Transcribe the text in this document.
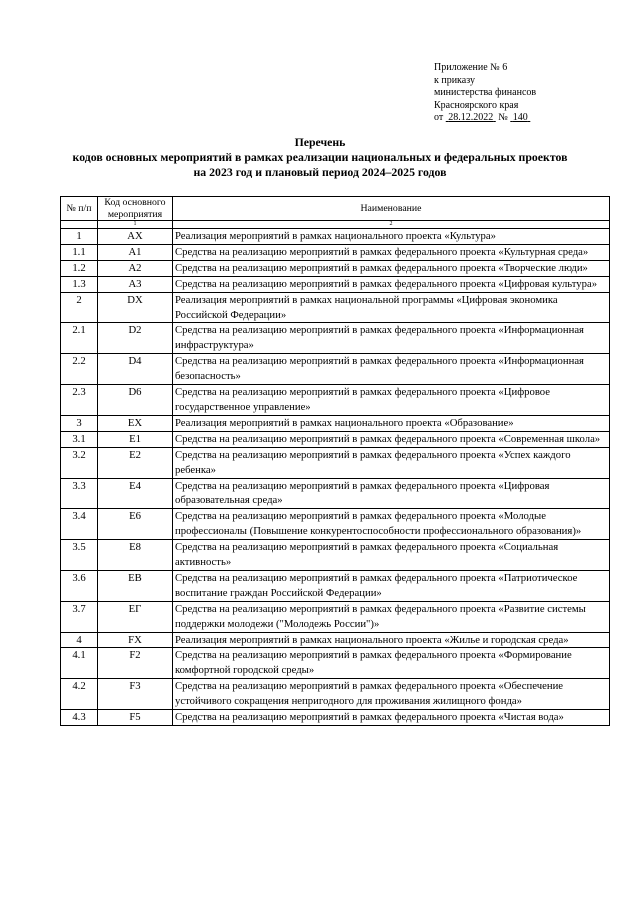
Приложение № 6
к приказу
министерства финансов
Красноярского края
от 28.12.2022 № 140
Перечень
кодов основных мероприятий в рамках реализации национальных и федеральных проектов
на 2023 год и плановый период 2024–2025 годов
№ п/п	Код основного мероприятия	Наименование
	1	2
1	AX	Реализация мероприятий в рамках национального проекта «Культура»
1.1	A1	Средства на реализацию мероприятий в рамках федерального проекта «Культурная среда»
1.2	A2	Средства на реализацию мероприятий в рамках федерального проекта «Творческие люди»
1.3	A3	Средства на реализацию мероприятий в рамках федерального проекта «Цифровая культура»
2	DX	Реализация мероприятий в рамках национальной программы «Цифровая экономика Российской Федерации»
2.1	D2	Средства на реализацию мероприятий в рамках федерального проекта «Информационная инфраструктура»
2.2	D4	Средства на реализацию мероприятий в рамках федерального проекта «Информационная безопасность»
2.3	D6	Средства на реализацию мероприятий в рамках федерального проекта «Цифровое государственное управление»
3	EX	Реализация мероприятий в рамках национального проекта «Образование»
3.1	E1	Средства на реализацию мероприятий в рамках федерального проекта «Современная школа»
3.2	E2	Средства на реализацию мероприятий в рамках федерального проекта «Успех каждого ребенка»
3.3	E4	Средства на реализацию мероприятий в рамках федерального проекта «Цифровая образовательная среда»
3.4	E6	Средства на реализацию мероприятий в рамках федерального проекта «Молодые профессионалы (Повышение конкурентоспособности профессионального образования)»
3.5	E8	Средства на реализацию мероприятий в рамках федерального проекта «Социальная активность»
3.6	EВ	Средства на реализацию мероприятий в рамках федерального проекта «Патриотическое воспитание граждан Российской Федерации»
3.7	EГ	Средства на реализацию мероприятий в рамках федерального проекта «Развитие системы поддержки молодежи ("Молодежь России")»
4	FX	Реализация мероприятий в рамках национального проекта «Жилье и городская среда»
4.1	F2	Средства на реализацию мероприятий в рамках федерального проекта «Формирование комфортной городской среды»
4.2	F3	Средства на реализацию мероприятий в рамках федерального проекта «Обеспечение устойчивого сокращения непригодного для проживания жилищного фонда»
4.3	F5	Средства на реализацию мероприятий в рамках федерального проекта «Чистая вода»
